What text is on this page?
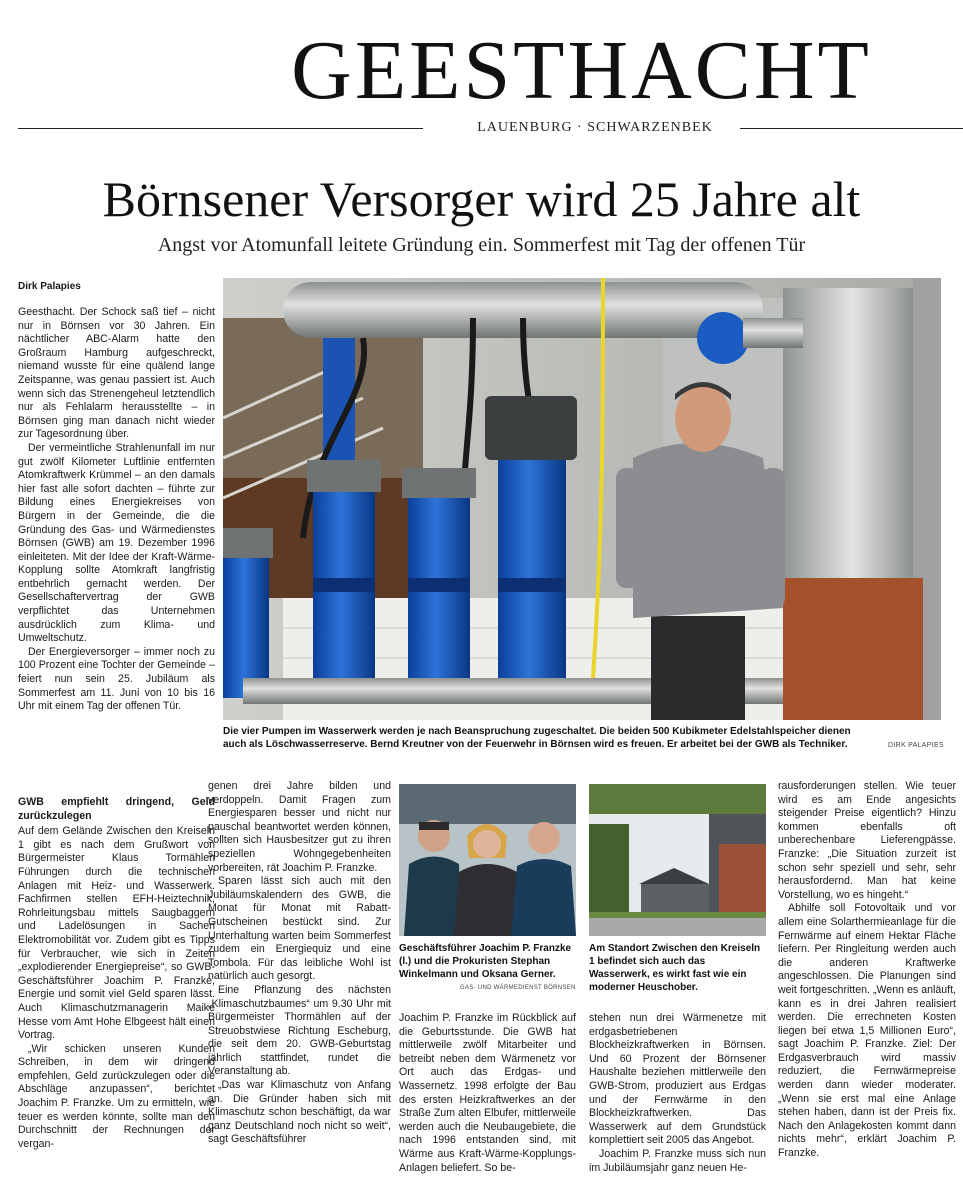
GEESTHACHT
LAUENBURG · SCHWARZENBEK
Börnsener Versorger wird 25 Jahre alt
Angst vor Atomunfall leitete Gründung ein. Sommerfest mit Tag der offenen Tür
Dirk Palapies

Geesthacht. Der Schock saß tief – nicht nur in Börnsen vor 30 Jahren. Ein nächtlicher ABC-Alarm hatte den Großraum Hamburg aufgeschreckt, niemand wusste für eine quälend lange Zeitspanne, was genau passiert ist. Auch wenn sich das Strenengeheul letztendlich nur als Fehlalarm herausstellte – in Börnsen ging man danach nicht wieder zur Tagesordnung über.

Der vermeintliche Strahlenunfall im nur gut zwölf Kilometer Luftlinie entfernten Atomkraftwerk Krümmel – an den damals hier fast alle sofort dachten – führte zur Bildung eines Energiekreises von Bürgern in der Gemeinde, die die Gründung des Gas- und Wärmedienstes Börnsen (GWB) am 19. Dezember 1996 einleiteten. Mit der Idee der Kraft-Wärme-Kopplung sollte Atomkraft langfristig entbehrlich gemacht werden. Der Gesellschaftervertrag der GWB verpflichtet das Unternehmen ausdrücklich zum Klima- und Umweltschutz.

Der Energieversorger – immer noch zu 100 Prozent eine Tochter der Gemeinde – feiert nun sein 25. Jubiläum als Sommerfest am 11. Juni von 10 bis 16 Uhr mit einem Tag der offenen Tür.

Die vier Pumpen im Wasserwerk werden je nach Beanspruchung zugeschaltet. Die beiden 500 Kubikmeter Edelstahlspeicher dienen auch als Löschwasserreserve. Bernd Kreutner von der Feuerwehr in Börnsen wird es freuen. Er arbeitet bei der GWB als Techniker.	DIRK PALAPIES
GWB empfiehlt dringend, Geld zurückzulegen

Auf dem Gelände Zwischen den Kreiseln 1 gibt es nach dem Grußwort von Bürgermeister Klaus Tormählen Führungen durch die technischen Anlagen mit Heiz- und Wasserwerk. Fachfirmen stellen EFH-Heiztechnik, Rohrleitungsbau mittels Saugbaggern und Ladelösungen in Sachen Elektromobilität vor. Zudem gibt es Tipps für Verbraucher, wie sich in Zeiten „explodierender Energiepreise“, so GWB-Geschäftsführer Joachim P. Franzke, Energie und somit viel Geld sparen lässt. Auch Klimaschutzmanagerin Maike Hesse vom Amt Hohe Elbgeest hält einen Vortrag.

„Wir schicken unseren Kunden Schreiben, in dem wir dringend empfehlen, Geld zurückzulegen oder die Abschläge anzupassen“, berichtet Joachim P. Franzke. Um zu ermitteln, wie teuer es werden könnte, sollte man den Durchschnitt der Rechnungen der vergan-

genen drei Jahre bilden und verdoppeln. Damit Fragen zum Energiesparen besser und nicht nur pauschal beantwortet werden können, sollten sich Hausbesitzer gut zu ihren speziellen Wohngegebenheiten vorbereiten, rät Joachim P. Franzke.

Sparen lässt sich auch mit den Jubiläumskalendern des GWB, die Monat für Monat mit Rabatt-Gutscheinen bestückt sind. Zur Unterhaltung warten beim Sommerfest zudem ein Energiequiz und eine Tombola. Für das leibliche Wohl ist natürlich auch gesorgt.

Eine Pflanzung des nächsten „Klimaschutzbaumes“ um 9.30 Uhr mit Bürgermeister Thormählen auf der Streuobstwiese Richtung Escheburg, die seit dem 20. GWB-Geburtstag jährlich stattfindet, rundet die Veranstaltung ab.

„Das war Klimaschutz von Anfang an. Die Gründer haben sich mit Klimaschutz schon beschäftigt, da war ganz Deutschland noch nicht so weit“, sagt Geschäftsführer

Geschäftsführer Joachim P. Franzke (l.) und die Prokuristen Stephan Winkelmann und Oksana Gerner.
GAS- UND WÄRMEDIENST BÖRNSEN

Joachim P. Franzke im Rückblick auf die Geburtsstunde. Die GWB hat mittlerweile zwölf Mitarbeiter und betreibt neben dem Wärmenetz vor Ort auch das Erdgas- und Wassernetz. 1998 erfolgte der Bau des ersten Heizkraftwerkes an der Straße Zum alten Elbufer, mittlerweile werden auch die Neubaugebiete, die nach 1996 entstanden sind, mit Wärme aus Kraft-Wärme-Kopplungs-Anlagen beliefert. So be-

Am Standort Zwischen den Kreiseln 1 befindet sich auch das Wasserwerk, es wirkt fast wie ein moderner Heuschober.

stehen nun drei Wärmenetze mit erdgasbetriebenen Blockheizkraftwerken in Börnsen. Und 60 Prozent der Börnsener Haushalte beziehen mittlerweile den GWB-Strom, produziert aus Erdgas und der Fernwärme in den Blockheizkraftwerken. Das Wasserwerk auf dem Grundstück komplettiert seit 2005 das Angebot.

Joachim P. Franzke muss sich nun im Jubiläumsjahr ganz neuen He-

rausforderungen stellen. Wie teuer wird es am Ende angesichts steigender Preise eigentlich? Hinzu kommen ebenfalls oft unberechenbare Lieferengpässe. Franzke: „Die Situation zurzeit ist schon sehr speziell und sehr, sehr herausfordernd. Man hat keine Vorstellung, wo es hingeht.“

Abhilfe soll Fotovoltaik und vor allem eine Solarthermieanlage für die Fernwärme auf einem Hektar Fläche liefern. Per Ringleitung werden auch die anderen Kraftwerke angeschlossen. Die Planungen sind weit fortgeschritten. „Wenn es anläuft, kann es in drei Jahren realisiert werden. Die errechneten Kosten liegen bei etwa 1,5 Millionen Euro“, sagt Joachim P. Franzke. Ziel: Der Erdgasverbrauch wird massiv reduziert, die Fernwärmepreise werden dann wieder moderater. „Wenn sie erst mal eine Anlage stehen haben, dann ist der Preis fix. Nach den Anlagekosten kommt dann nichts mehr“, erklärt Joachim P. Franzke.
